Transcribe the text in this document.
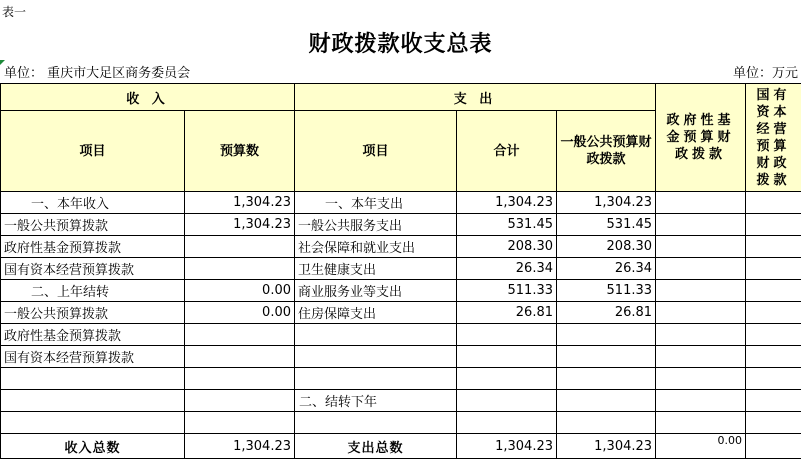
表一
财政拨款收支总表
单位： 重庆市大足区商务委员会	单位：万元
收 入		支 出			政府性基金预算财政拨款	国有资本经营预算财政拨款
项目	预算数	项目	合计	一般公共预算财政拨款		
一、本年收入	1,304.23	一、本年支出	1,304.23	1,304.23		
一般公共预算拨款	1,304.23	一般公共服务支出	531.45	531.45		
政府性基金预算拨款		社会保障和就业支出	208.30	208.30		
国有资本经营预算拨款		卫生健康支出	26.34	26.34		
二、上年结转	0.00	商业服务业等支出	511.33	511.33		
一般公共预算拨款	0.00	住房保障支出	26.81	26.81		
政府性基金预算拨款						
国有资本经营预算拨款						

		二、结转下年				

收入总数	1,304.23	支出总数	1,304.23	1,304.23	0.00	
